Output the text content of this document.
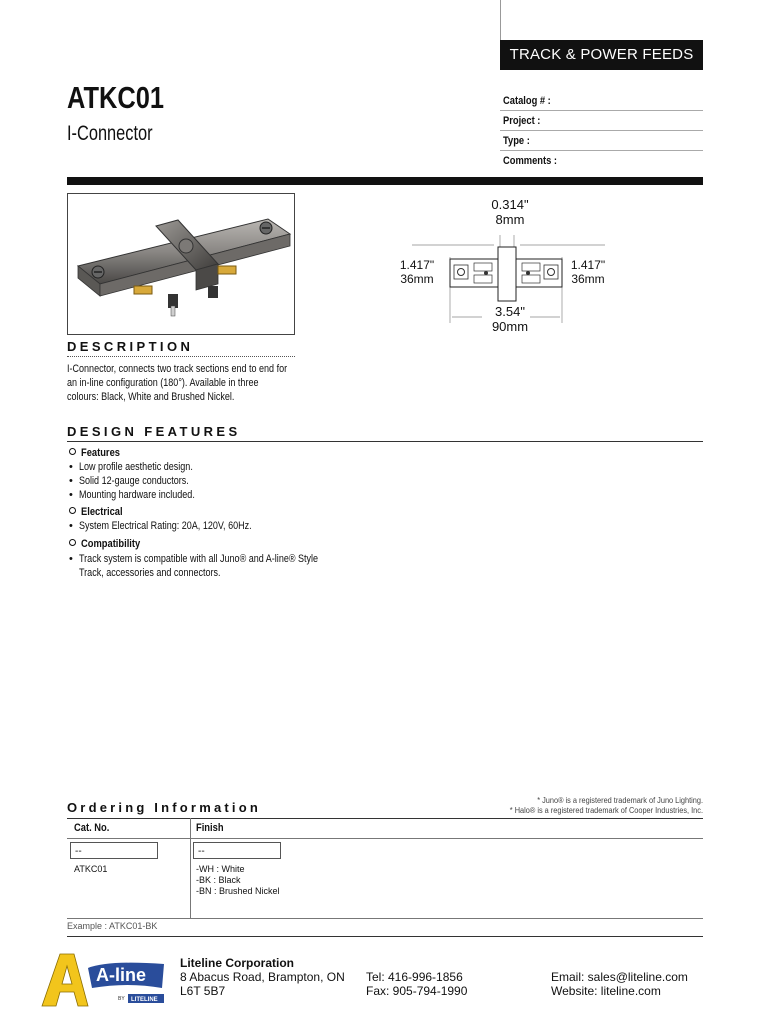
TRACK & POWER FEEDS
ATKC01
I-Connector
Catalog # :
Project :
Type :
Comments :
0.314"
8mm
1.417"
36mm
1.417"
36mm
3.54"
90mm
DESCRIPTION
I-Connector, connects two track sections end to end for an in-line configuration (180°). Available in three colours: Black, White and Brushed Nickel.
DESIGN FEATURES
Features
•  Low profile aesthetic design.
•  Solid 12-gauge conductors.
•  Mounting hardware included.
Electrical
•  System Electrical Rating: 20A, 120V, 60Hz.
Compatibility
•  Track system is compatible with all Juno® and A-line® Style
Track, accessories and connectors.
* Juno® is a registered trademark of Juno Lighting.
* Halo® is a registered trademark of Cooper Industries, Inc.
Ordering Information
Cat. No.	Finish
--	--
ATKC01	-WH : White
-BK : Black
-BN : Brushed Nickel
Example : ATKC01-BK
A-line
BY LITELINE
Liteline Corporation
8 Abacus Road, Brampton, ON
L6T 5B7
Tel: 416-996-1856
Fax: 905-794-1990
Email: sales@liteline.com
Website: liteline.com
